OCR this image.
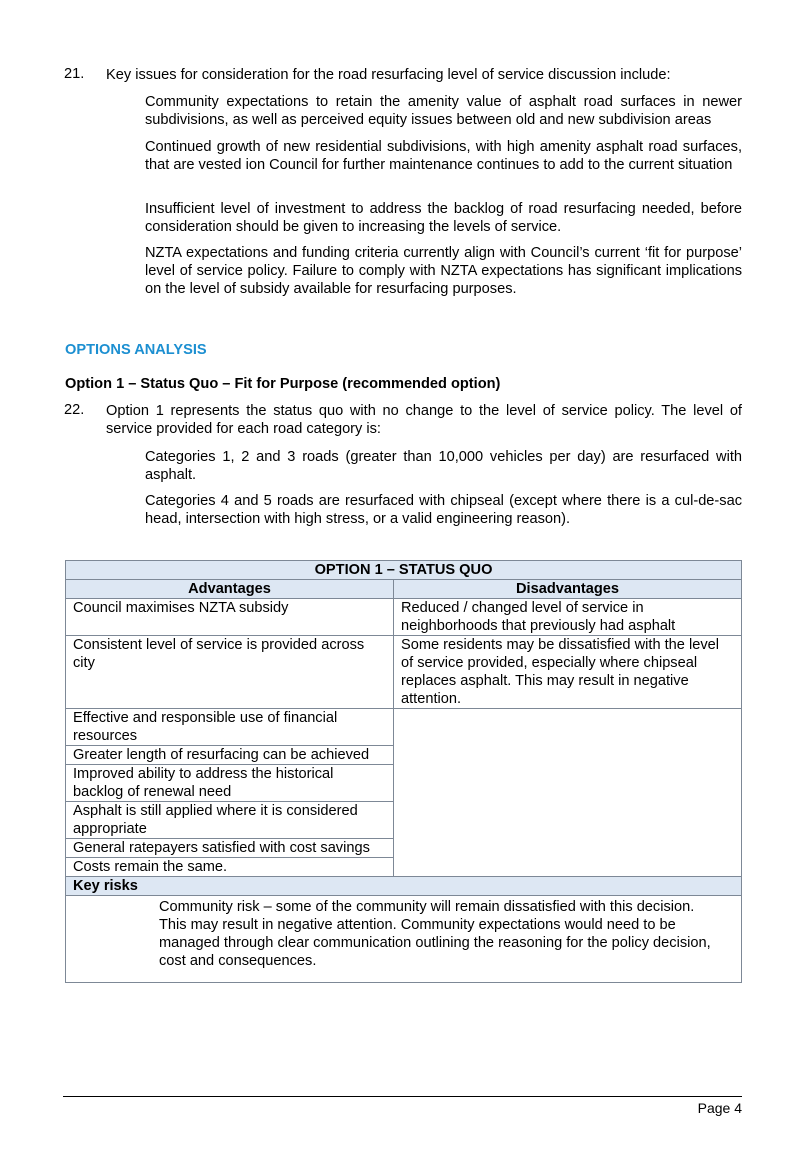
21. Key issues for consideration for the road resurfacing level of service discussion include:
Community expectations to retain the amenity value of asphalt road surfaces in newer subdivisions, as well as perceived equity issues between old and new subdivision areas
Continued growth of new residential subdivisions, with high amenity asphalt road surfaces, that are vested ion Council for further maintenance continues to add to the current situation
Insufficient level of investment to address the backlog of road resurfacing needed, before consideration should be given to increasing the levels of service.
NZTA expectations and funding criteria currently align with Council’s current ‘fit for purpose’ level of service policy. Failure to comply with NZTA expectations has significant implications on the level of subsidy available for resurfacing purposes.
OPTIONS ANALYSIS
Option 1 – Status Quo – Fit for Purpose (recommended option)
22. Option 1 represents the status quo with no change to the level of service policy. The level of service provided for each road category is:
Categories 1, 2 and 3 roads (greater than 10,000 vehicles per day) are resurfaced with asphalt.
Categories 4 and 5 roads are resurfaced with chipseal (except where there is a cul-de-sac head, intersection with high stress, or a valid engineering reason).
OPTION 1 – STATUS QUO	
Advantages	Disadvantages
Council maximises NZTA subsidy	Reduced / changed level of service in neighborhoods that previously had asphalt
Consistent level of service is provided across city	Some residents may be dissatisfied with the level of service provided, especially where chipseal replaces asphalt. This may result in negative attention.
Effective and responsible use of financial resources	
Greater length of resurfacing can be achieved	
Improved ability to address the historical backlog of renewal need	
Asphalt is still applied where it is considered appropriate	
General ratepayers satisfied with cost savings	
Costs remain the same.	
Key risks	

Community risk – some of the community will remain dissatisfied with this decision. This may result in negative attention. Community expectations would need to be managed through clear communication outlining the reasoning for the policy decision, cost and consequences.	
Page 4
